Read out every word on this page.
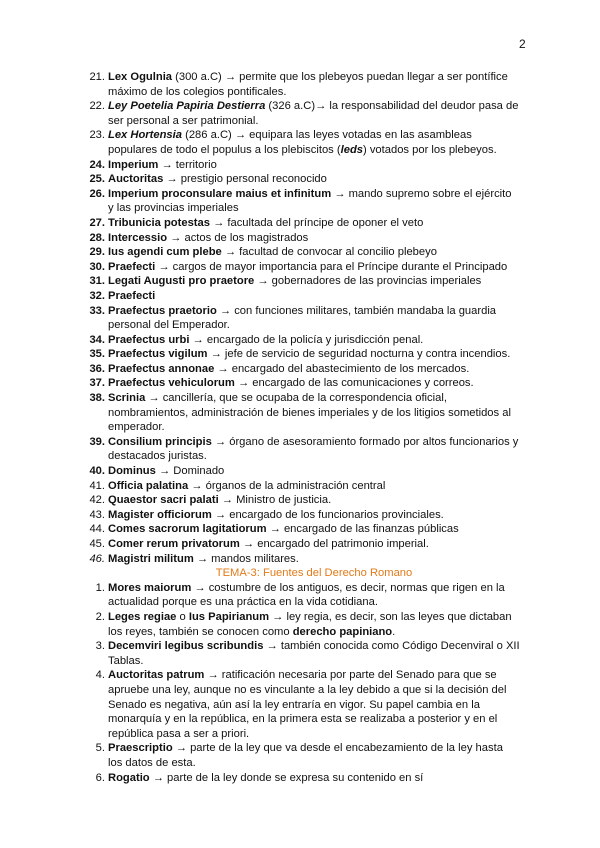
2
21. Lex Ogulnia (300 a.C) → permite que los plebeyos puedan llegar a ser pontífice máximo de los colegios pontificales.
22. Ley Poetelia Papiria Destierra (326 a.C)→ la responsabilidad del deudor pasa de ser personal a ser patrimonial.
23. Lex Hortensia (286 a.C) → equipara las leyes votadas en las asambleas populares de todo el populus a los plebiscitos (leds) votados por los plebeyos.
24. Imperium → territorio
25. Auctoritas → prestigio personal reconocido
26. Imperium proconsulare maius et infinitum → mando supremo sobre el ejército y las provincias imperiales
27. Tribunicia potestas → facultada del príncipe de oponer el veto
28. Intercessio → actos de los magistrados
29. Ius agendi cum plebe → facultad de convocar al concilio plebeyo
30. Praefecti → cargos de mayor importancia para el Príncipe durante el Principado
31. Legati Augusti pro praetore → gobernadores de las provincias imperiales
32. Praefecti
33. Praefectus praetorio → con funciones militares, también mandaba la guardia personal del Emperador.
34. Praefectus urbi → encargado de la policía y jurisdicción penal.
35. Praefectus vigilum → jefe de servicio de seguridad nocturna y contra incendios.
36. Praefectus annonae → encargado del abastecimiento de los mercados.
37. Praefectus vehiculorum → encargado de las comunicaciones y correos.
38. Scrinia → cancillería, que se ocupaba de la correspondencia oficial, nombramientos, administración de bienes imperiales y de los litigios sometidos al emperador.
39. Consilium principis → órgano de asesoramiento formado por altos funcionarios y destacados juristas.
40. Dominus → Dominado
41. Officia palatina → órganos de la administración central
42. Quaestor sacri palati → Ministro de justicia.
43. Magister officiorum → encargado de los funcionarios provinciales.
44. Comes sacrorum lagitatiorum → encargado de las finanzas públicas
45. Comer rerum privatorum → encargado del patrimonio imperial.
46. Magistri militum → mandos militares.
TEMA-3: Fuentes del Derecho Romano
1. Mores maiorum → costumbre de los antiguos, es decir, normas que rigen en la actualidad porque es una práctica en la vida cotidiana.
2. Leges regiae o Ius Papirianum → ley regia, es decir, son las leyes que dictaban los reyes, también se conocen como derecho papiniano.
3. Decemviri legibus scribundis → también conocida como Código Decenviral o XII Tablas.
4. Auctoritas patrum → ratificación necesaria por parte del Senado para que se apruebe una ley, aunque no es vinculante a la ley debido a que si la decisión del Senado es negativa, aún así la ley entraría en vigor. Su papel cambia en la monarquía y en la república, en la primera esta se realizaba a posterior y en el república pasa a ser a priori.
5. Praescriptio → parte de la ley que va desde el encabezamiento de la ley hasta los datos de esta.
6. Rogatio → parte de la ley donde se expresa su contenido en sí
